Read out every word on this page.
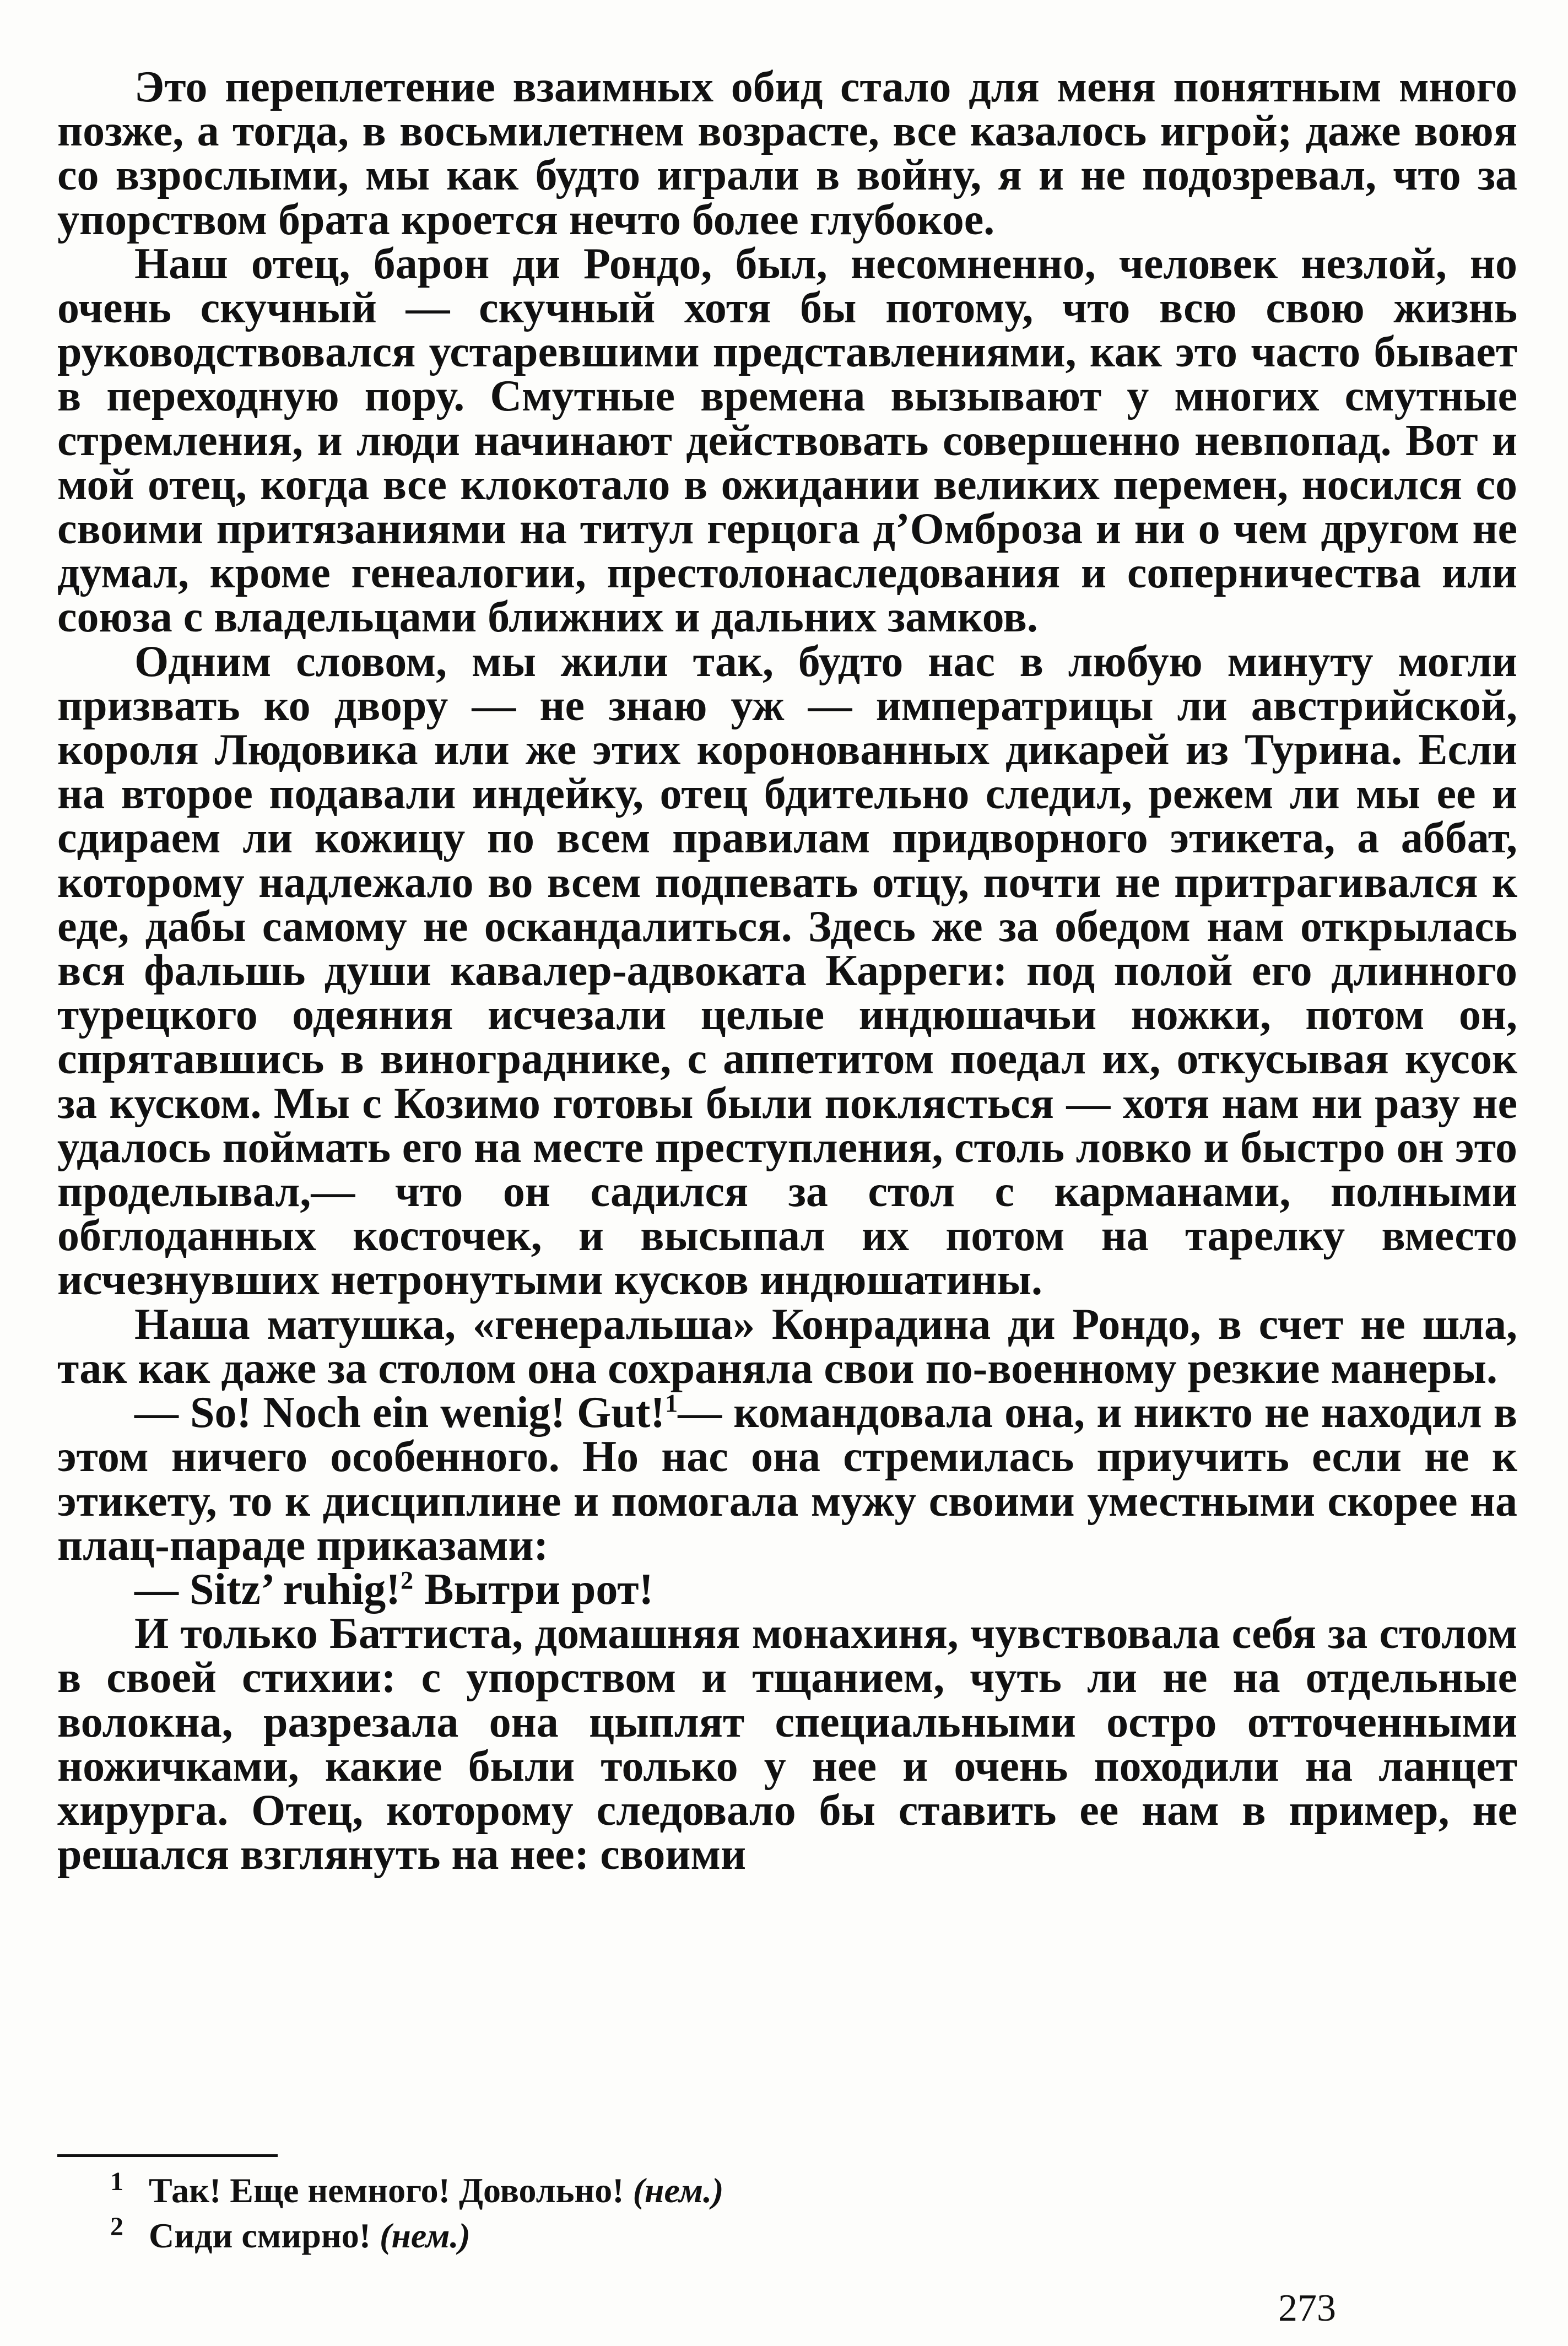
Это переплетение взаимных обид стало для меня понятным много позже, а тогда, в восьмилетнем возрасте, все казалось игрой; даже воюя со взрослыми, мы как будто играли в войну, я и не подозревал, что за упорством брата кроется нечто более глубокое.

Наш отец, барон ди Рондо, был, несомненно, человек незлой, но очень скучный — скучный хотя бы потому, что всю свою жизнь руководствовался устаревшими представлениями, как это часто бывает в переходную пору. Смутные времена вызывают у многих смутные стремления, и люди начинают действовать совершенно невпопад. Вот и мой отец, когда все клокотало в ожидании великих перемен, носился со своими притязаниями на титул герцога д’Омброза и ни о чем другом не думал, кроме генеалогии, престолонаследования и соперничества или союза с владельцами ближних и дальних замков.

Одним словом, мы жили так, будто нас в любую минуту могли призвать ко двору — не знаю уж — императрицы ли австрийской, короля Людовика или же этих коронованных дикарей из Турина. Если на второе подавали индейку, отец бдительно следил, режем ли мы ее и сдираем ли кожицу по всем правилам придворного этикета, а аббат, которому надлежало во всем подпевать отцу, почти не притрагивался к еде, дабы самому не оскандалиться. Здесь же за обедом нам открылась вся фальшь души кавалер-адвоката Карреги: под полой его длинного турецкого одеяния исчезали целые индюшачьи ножки, потом он, спрятавшись в винограднике, с аппетитом поедал их, откусывая кусок за куском. Мы с Козимо готовы были поклясться — хотя нам ни разу не удалось поймать его на месте преступления, столь ловко и быстро он это проделывал,— что он садился за стол с карманами, полными обглоданных косточек, и высыпал их потом на тарелку вместо исчезнувших нетронутыми кусков индюшатины.

Наша матушка, «генеральша» Конрадина ди Рондо, в счет не шла, так как даже за столом она сохраняла свои по-военному резкие манеры.

— So! Noch ein wenig! Gut!$^1$— командовала она, и никто не находил в этом ничего особенного. Но нас она стремилась приучить если не к этикету, то к дисциплине и помогала мужу своими уместными скорее на плац-параде приказами:

— Sitz’ ruhig!$^2$ Вытри рот!

И только Баттиста, домашняя монахиня, чувствовала себя за столом в своей стихии: с упорством и тщанием, чуть ли не на отдельные волокна, разрезала она цыплят специальными остро отточенными ножичками, какие были только у нее и очень походили на ланцет хирурга. Отец, которому следовало бы ставить ее нам в пример, не решался взглянуть на нее: своими

1 Так! Еще немного! Довольно! (нем.)

2 Сиди смирно! (нем.)

273
